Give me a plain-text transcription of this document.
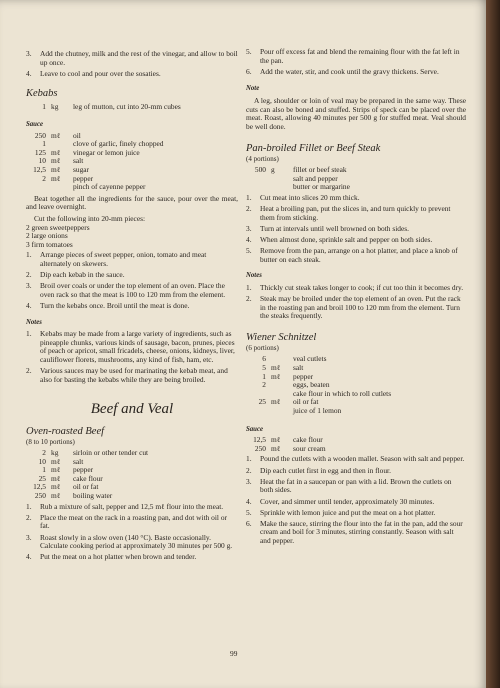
3.	Add the chutney, milk and the rest of the vinegar, and allow to boil up once.
4.	Leave to cool and pour over the sosaties.
Kebabs
1 kg	leg of mutton, cut into 20-mm cubes
Sauce
250 mℓ	oil
1	clove of garlic, finely chopped
125 mℓ	vinegar or lemon juice
10 mℓ	salt
12,5 mℓ	sugar
2 mℓ	pepper
pinch of cayenne pepper

Beat together all the ingredients for the sauce, pour over the meat, and leave overnight.

Cut the following into 20-mm pieces:

2 green sweetpeppers
2 large onions
3 firm tomatoes
1.	Arrange pieces of sweet pepper, onion, tomato and meat alternately on skewers.
2.	Dip each kebab in the sauce.
3.	Broil over coals or under the top element of an oven. Place the oven rack so that the meat is 100 to 120 mm from the element.
4.	Turn the kebabs once. Broil until the meat is done.
Notes
1.	Kebabs may be made from a large variety of ingredients, such as pineapple chunks, various kinds of sausage, bacon, prunes, pieces of peach or apricot, small fricadels, cheese, onions, kidneys, liver, cauliflower florets, mushrooms, any kind of fish, ham, etc.
2.	Various sauces may be used for marinating the kebab meat, and also for basting the kebabs while they are being broiled.
Beef and Veal
Oven-roasted Beef
(8 to 10 portions)
2 kg	sirloin or other tender cut
10 mℓ	salt
1 mℓ	pepper
25 mℓ	cake flour
12,5 mℓ	oil or fat
250 mℓ	boiling water
1.	Rub a mixture of salt, pepper and 12,5 mℓ flour into the meat.
2.	Place the meat on the rack in a roasting pan, and dot with oil or fat.
3.	Roast slowly in a slow oven (140 °C). Baste occasionally. Calculate cooking period at approximately 30 minutes per 500 g.
4.	Put the meat on a hot platter when brown and tender.
5.	Pour off excess fat and blend the remaining flour with the fat left in the pan.
6.	Add the water, stir, and cook until the gravy thickens. Serve.
Note

A leg, shoulder or loin of veal may be prepared in the same way. These cuts can also be boned and stuffed. Strips of speck can be placed over the meat. Roast, allowing 40 minutes per 500 g for stuffed meat. Veal should be well done.

Pan-broiled Fillet or Beef Steak
(4 portions)
500 g	fillet or beef steak
salt and pepper
butter or margarine
1.	Cut meat into slices 20 mm thick.
2.	Heat a broiling pan, put the slices in, and turn quickly to prevent them from sticking.
3.	Turn at intervals until well browned on both sides.
4.	When almost done, sprinkle salt and pepper on both sides.
5.	Remove from the pan, arrange on a hot platter, and place a knob of butter on each steak.
Notes
1.	Thickly cut steak takes longer to cook; if cut too thin it becomes dry.
2.	Steak may be broiled under the top element of an oven. Put the rack in the roasting pan and broil 100 to 120 mm from the element. Turn the steaks frequently.
Wiener Schnitzel
(6 portions)
6	veal cutlets
5 mℓ	salt
1 mℓ	pepper
2	eggs, beaten
cake flour in which to roll cutlets
25 mℓ	oil or fat
juice of 1 lemon
Sauce
12,5 mℓ	cake flour
250 mℓ	sour cream
1.	Pound the cutlets with a wooden mallet. Season with salt and pepper.
2.	Dip each cutlet first in egg and then in flour.
3.	Heat the fat in a saucepan or pan with a lid. Brown the cutlets on both sides.
4.	Cover, and simmer until tender, approximately 30 minutes.
5.	Sprinkle with lemon juice and put the meat on a hot platter.
6.	Make the sauce, stirring the flour into the fat in the pan, add the sour cream and boil for 3 minutes, stirring constantly. Season with salt and pepper.
99
